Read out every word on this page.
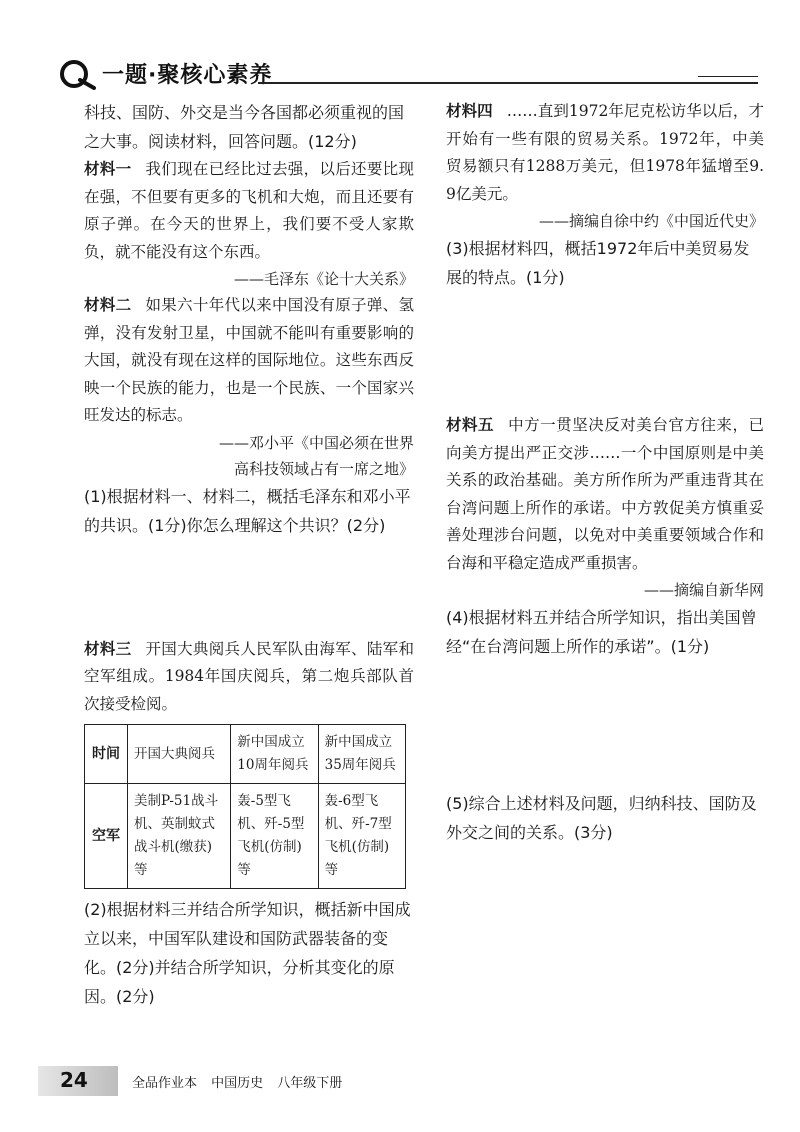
一题·聚核心素养

科技、国防、外交是当今各国都必须重视的国之大事。阅读材料，回答问题。(12分)

材料一 我们现在已经比过去强，以后还要比现在强，不但要有更多的飞机和大炮，而且还要有原子弹。在今天的世界上，我们要不受人家欺负，就不能没有这个东西。

——毛泽东《论十大关系》

材料二 如果六十年代以来中国没有原子弹、氢弹，没有发射卫星，中国就不能叫有重要影响的大国，就没有现在这样的国际地位。这些东西反映一个民族的能力，也是一个民族、一个国家兴旺发达的标志。

——邓小平《中国必须在世界

高科技领域占有一席之地》

(1)根据材料一、材料二，概括毛泽东和邓小平的共识。(1分)你怎么理解这个共识？(2分)

材料三 开国大典阅兵人民军队由海军、陆军和空军组成。1984年国庆阅兵，第二炮兵部队首次接受检阅。

时间	开国大典阅兵	新中国成立10周年阅兵	新中国成立35周年阅兵
空军	美制P-51战斗机、英制蚊式战斗机(缴获)等	轰-5型飞机、歼-5型飞机(仿制)等	轰-6型飞机、歼-7型飞机(仿制)等

(2)根据材料三并结合所学知识，概括新中国成立以来，中国军队建设和国防武器装备的变化。(2分)并结合所学知识，分析其变化的原因。(2分)

材料四 ……直到1972年尼克松访华以后，才开始有一些有限的贸易关系。1972年，中美贸易额只有1288万美元，但1978年猛增至9.9亿美元。

——摘编自徐中约《中国近代史》

(3)根据材料四，概括1972年后中美贸易发展的特点。(1分)

材料五 中方一贯坚决反对美台官方往来，已向美方提出严正交涉……一个中国原则是中美关系的政治基础。美方所作所为严重违背其在台湾问题上所作的承诺。中方敦促美方慎重妥善处理涉台问题，以免对中美重要领域合作和台海和平稳定造成严重损害。

——摘编自新华网

(4)根据材料五并结合所学知识，指出美国曾经“在台湾问题上所作的承诺”。(1分)

(5)综合上述材料及问题，归纳科技、国防及外交之间的关系。(3分)

24	全品作业本 中国历史 八年级下册
